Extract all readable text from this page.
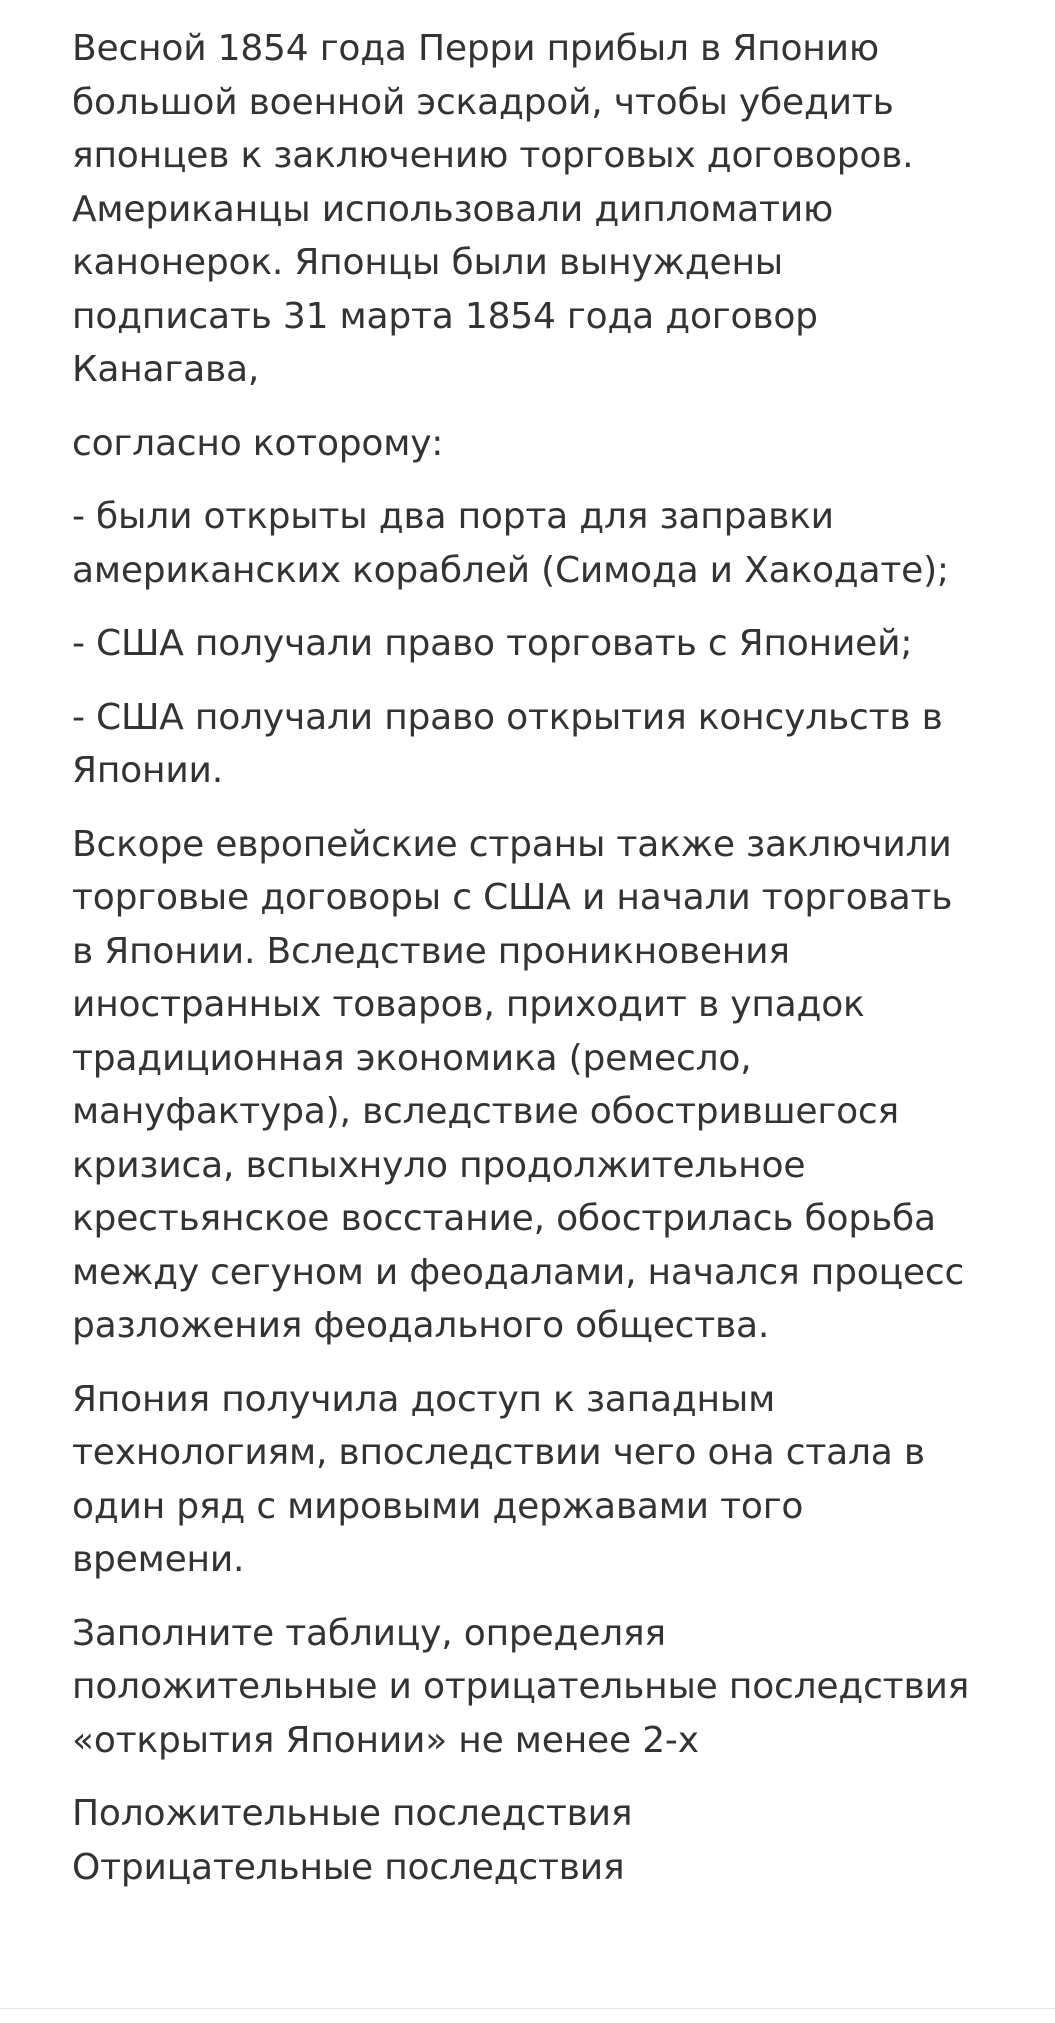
Весной 1854 года Перри прибыл в Японию большой военной эскадрой, чтобы убедить японцев к заключению торговых договоров. Американцы использовали дипломатию канонерок. Японцы были вынуждены подписать 31 марта 1854 года договор Канагава,

согласно которому:

- были открыты два порта для заправки американских кораблей (Симода и Хакодате);

- США получали право торговать с Японией;

- США получали право открытия консульств в Японии.

Вскоре европейские страны также заключили торговые договоры с США и начали торговать в Японии. Вследствие проникновения иностранных товаров, приходит в упадок традиционная экономика (ремесло, мануфактура), вследствие обострившегося кризиса, вспыхнуло продолжительное крестьянское восстание, обострилась борьба между сегуном и феодалами, начался процесс разложения феодального общества.

Япония получила доступ к западным технологиям, впоследствии чего она стала в один ряд с мировыми державами того времени.

Заполните таблицу, определяя положительные и отрицательные последствия «открытия Японии» не менее 2-х

Положительные последствия

Отрицательные последствия
